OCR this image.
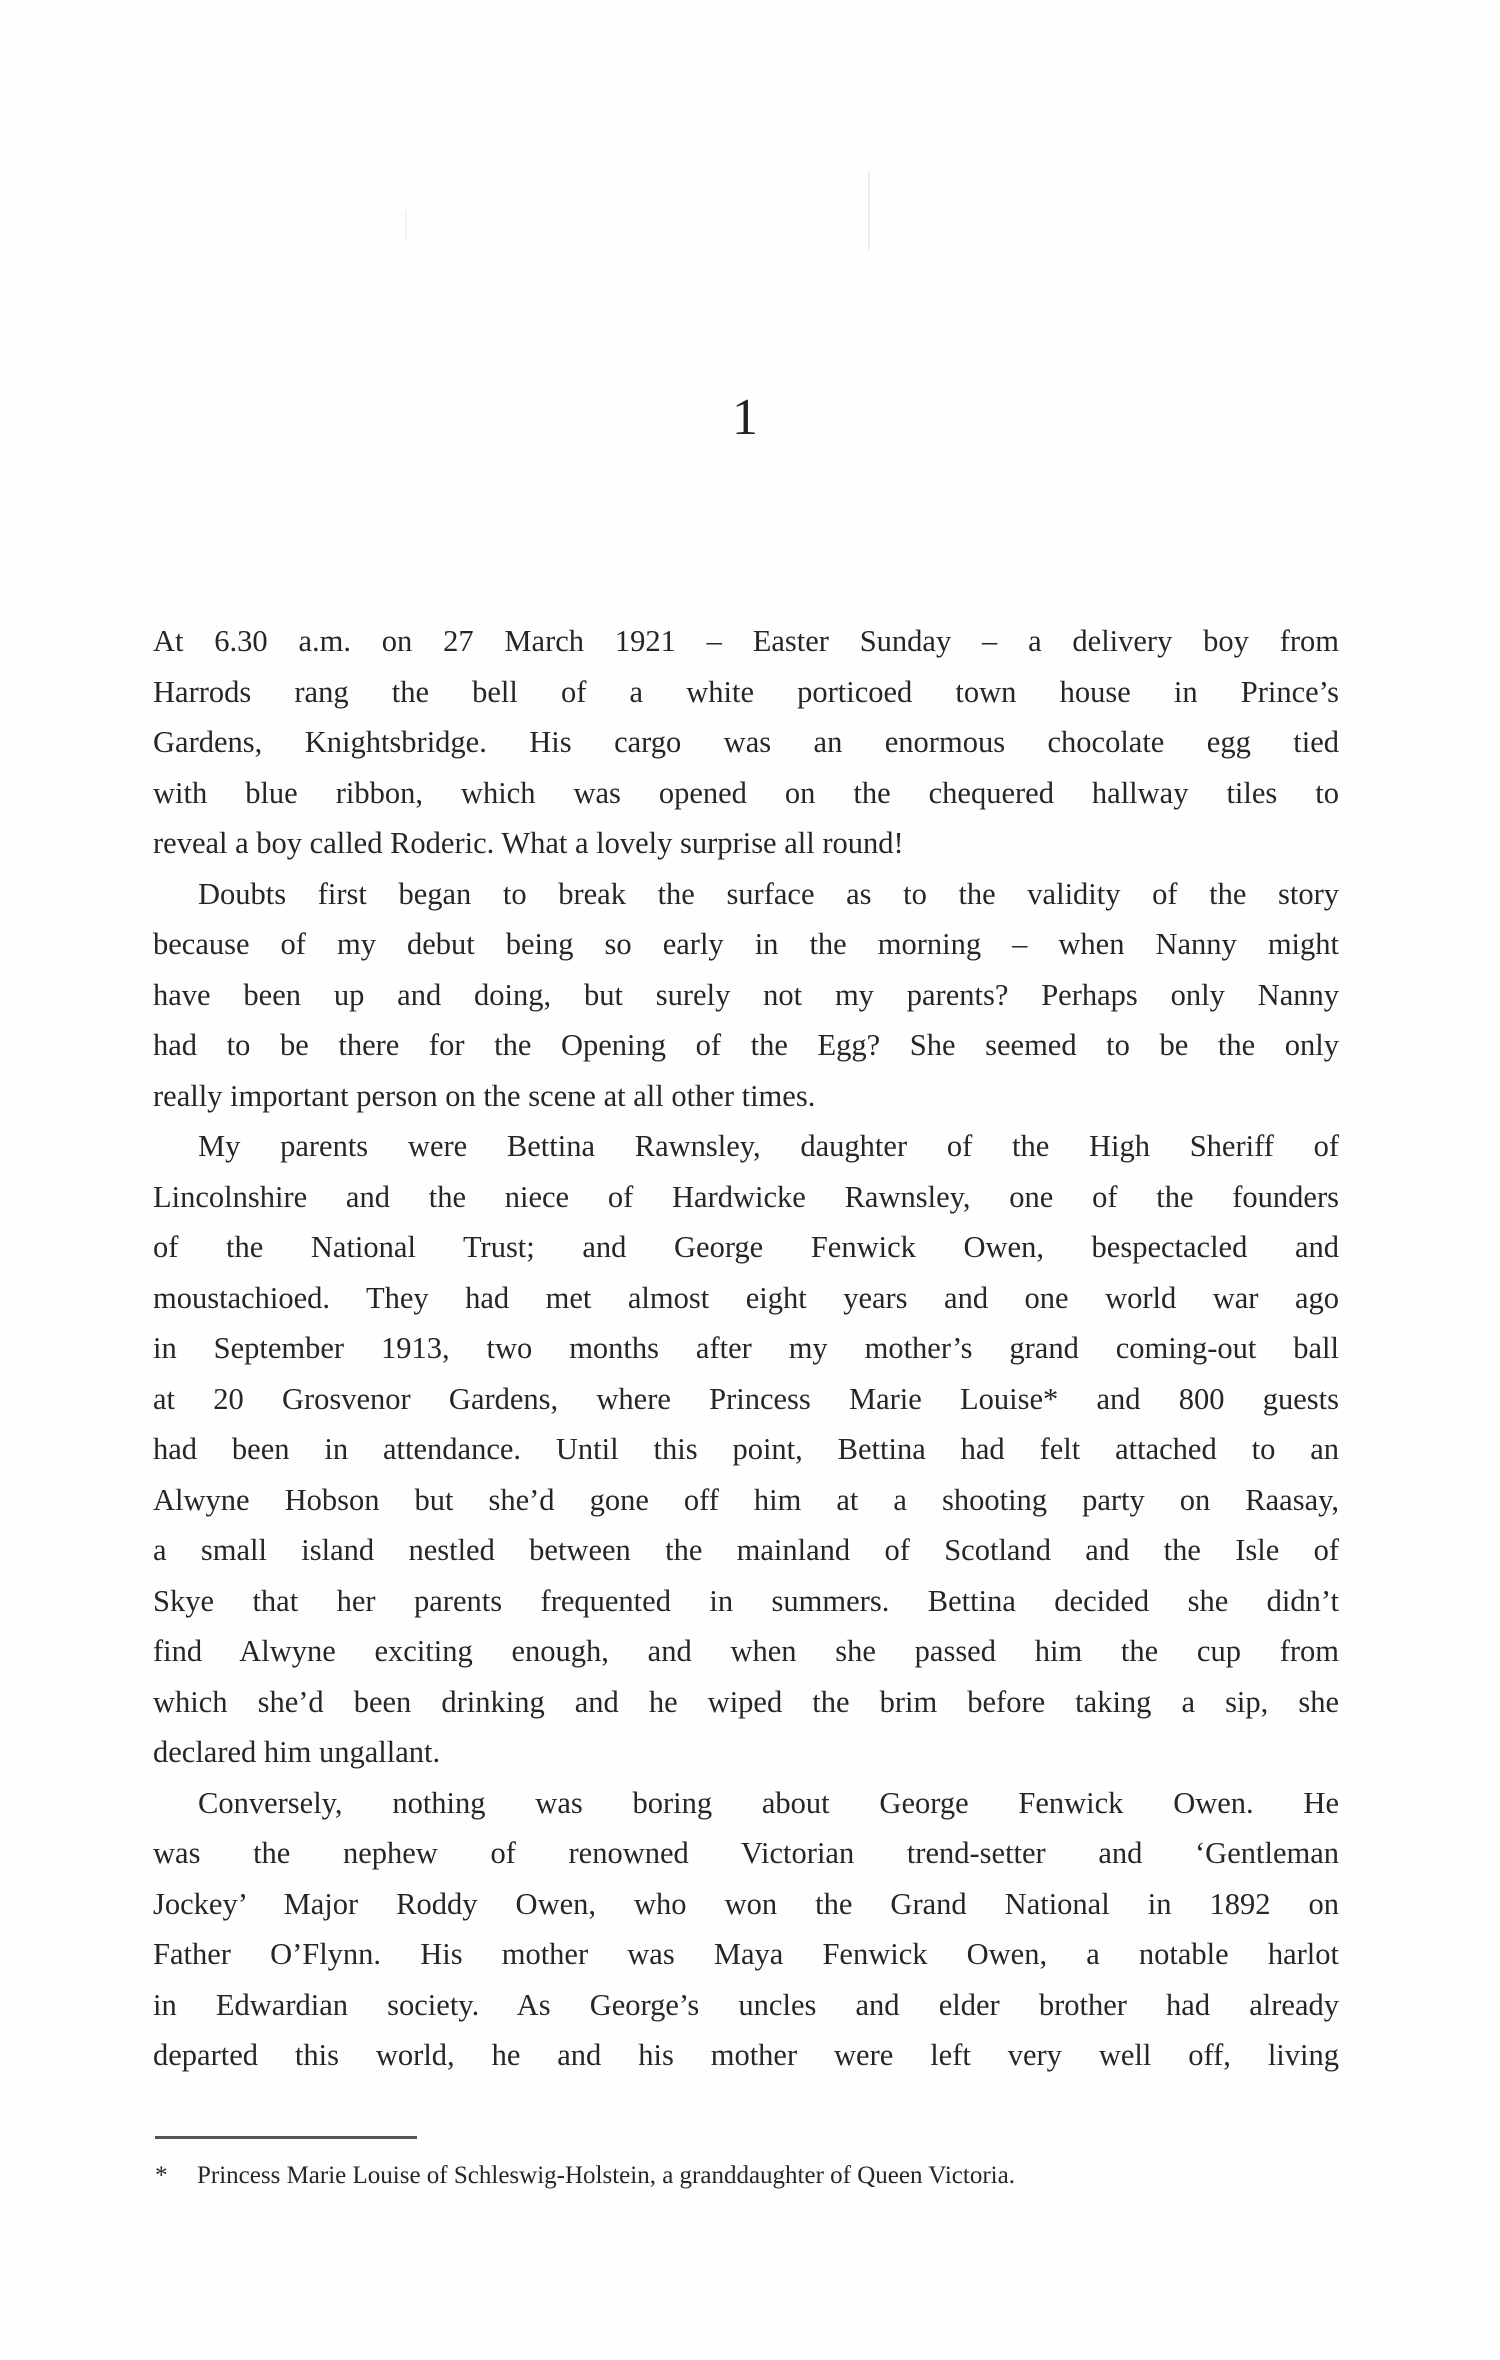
1
At 6.30 a.m. on 27 March 1921 – Easter Sunday – a delivery boy from
Harrods rang the bell of a white porticoed town house in Prince’s
Gardens, Knightsbridge. His cargo was an enormous chocolate egg tied
with blue ribbon, which was opened on the chequered hallway tiles to
reveal a boy called Roderic. What a lovely surprise all round!
Doubts first began to break the surface as to the validity of the story
because of my debut being so early in the morning – when Nanny might
have been up and doing, but surely not my parents? Perhaps only Nanny
had to be there for the Opening of the Egg? She seemed to be the only
really important person on the scene at all other times.
My parents were Bettina Rawnsley, daughter of the High Sheriff of
Lincolnshire and the niece of Hardwicke Rawnsley, one of the founders
of the National Trust; and George Fenwick Owen, bespectacled and
moustachioed. They had met almost eight years and one world war ago
in September 1913, two months after my mother’s grand coming-out ball
at 20 Grosvenor Gardens, where Princess Marie Louise* and 800 guests
had been in attendance. Until this point, Bettina had felt attached to an
Alwyne Hobson but she’d gone off him at a shooting party on Raasay,
a small island nestled between the mainland of Scotland and the Isle of
Skye that her parents frequented in summers. Bettina decided she didn’t
find Alwyne exciting enough, and when she passed him the cup from
which she’d been drinking and he wiped the brim before taking a sip, she
declared him ungallant.
Conversely, nothing was boring about George Fenwick Owen. He
was the nephew of renowned Victorian trend-setter and ‘Gentleman
Jockey’ Major Roddy Owen, who won the Grand National in 1892 on
Father O’Flynn. His mother was Maya Fenwick Owen, a notable harlot
in Edwardian society. As George’s uncles and elder brother had already
departed this world, he and his mother were left very well off, living
* Princess Marie Louise of Schleswig-Holstein, a granddaughter of Queen Victoria.
